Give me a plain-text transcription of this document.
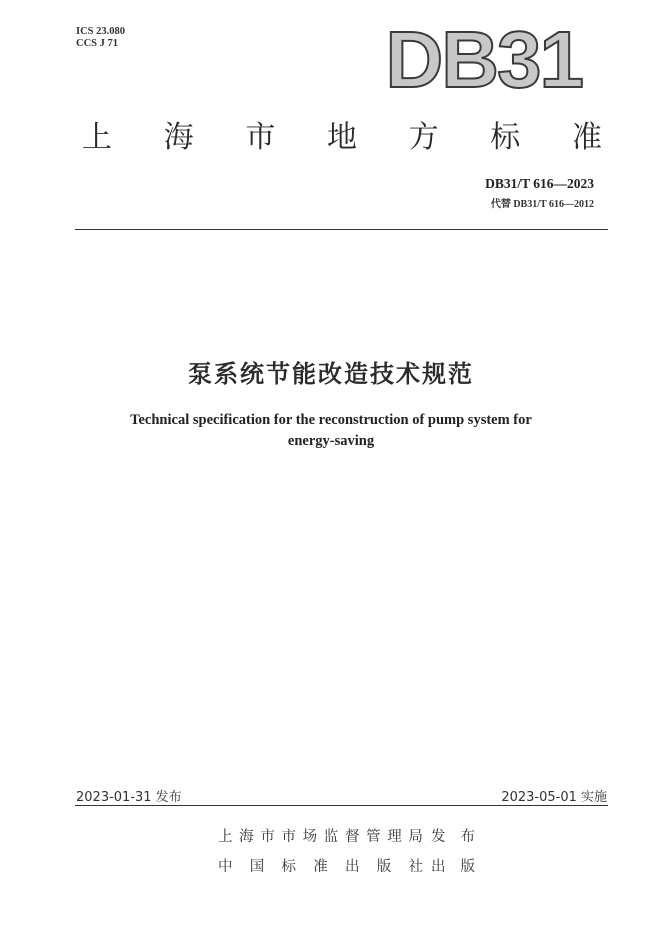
ICS 23.080
CCS J 71	DB31
上 海 市 地 方 标 准
DB31/T 616—2023
代替 DB31/T 616—2012
泵系统节能改造技术规范
Technical specification for the reconstruction of pump system for
energy-saving
2023-01-31 发布	2023-05-01 实施
上 海 市 市 场 监 督 管 理 局 发 布
中 国 标 准 出 版 社 出 版
